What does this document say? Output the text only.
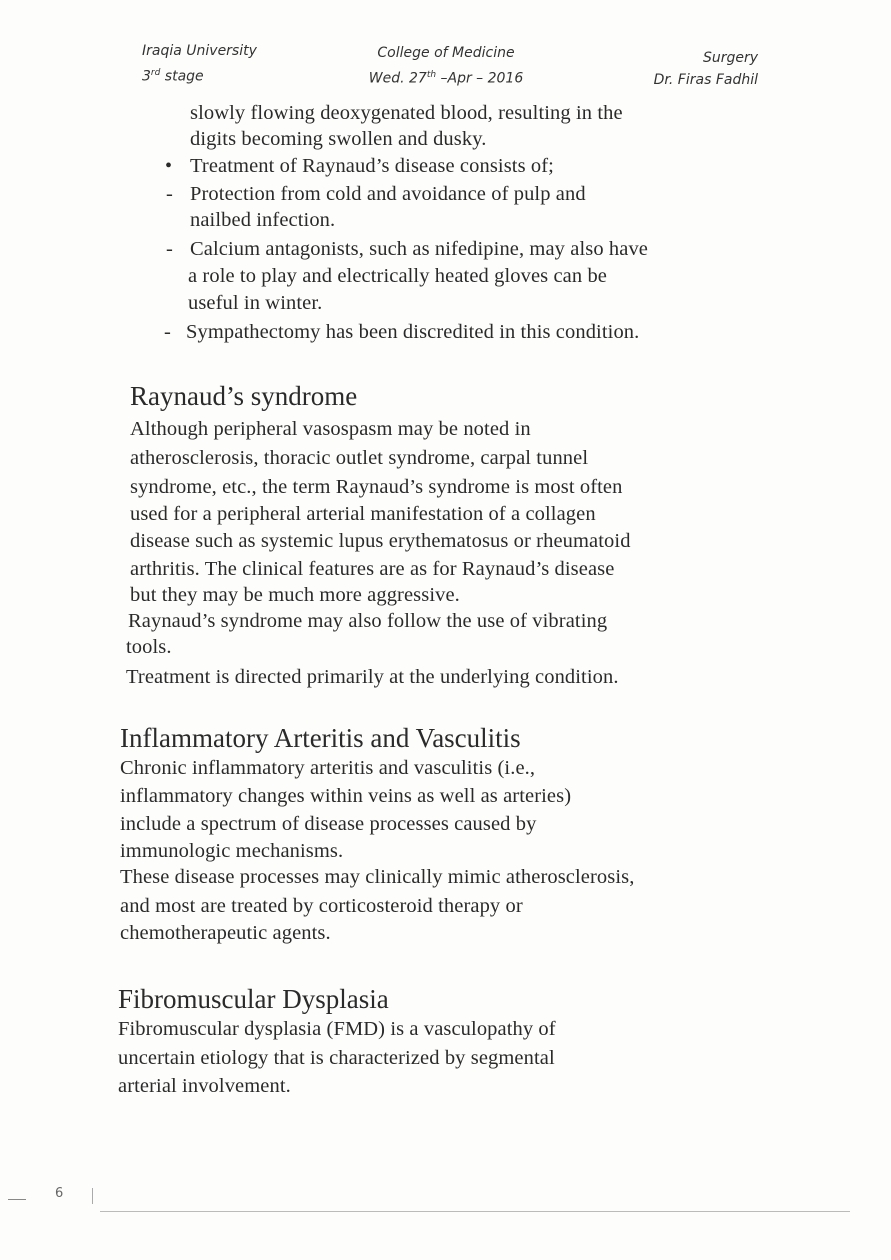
Iraqia University
3rd stage
College of Medicine
Wed. 27th –Apr – 2016
Surgery
Dr. Firas Fadhil
slowly flowing deoxygenated blood, resulting in the
digits becoming swollen and dusky.
• Treatment of Raynaud’s disease consists of;
- Protection from cold and avoidance of pulp and
nailbed infection.
- Calcium antagonists, such as nifedipine, may also have
a role to play and electrically heated gloves can be
useful in winter.
- Sympathectomy has been discredited in this condition.
Raynaud’s syndrome
Although peripheral vasospasm may be noted in
atherosclerosis, thoracic outlet syndrome, carpal tunnel
syndrome, etc., the term Raynaud’s syndrome is most often
used for a peripheral arterial manifestation of a collagen
disease such as systemic lupus erythematosus or rheumatoid
arthritis. The clinical features are as for Raynaud’s disease
but they may be much more aggressive.
Raynaud’s syndrome may also follow the use of vibrating
tools.
Treatment is directed primarily at the underlying condition.
Inflammatory Arteritis and Vasculitis
Chronic inflammatory arteritis and vasculitis (i.e.,
inflammatory changes within veins as well as arteries)
include a spectrum of disease processes caused by
immunologic mechanisms.
These disease processes may clinically mimic atherosclerosis,
and most are treated by corticosteroid therapy or
chemotherapeutic agents.
Fibromuscular Dysplasia
Fibromuscular dysplasia (FMD) is a vasculopathy of
uncertain etiology that is characterized by segmental
arterial involvement.
6
